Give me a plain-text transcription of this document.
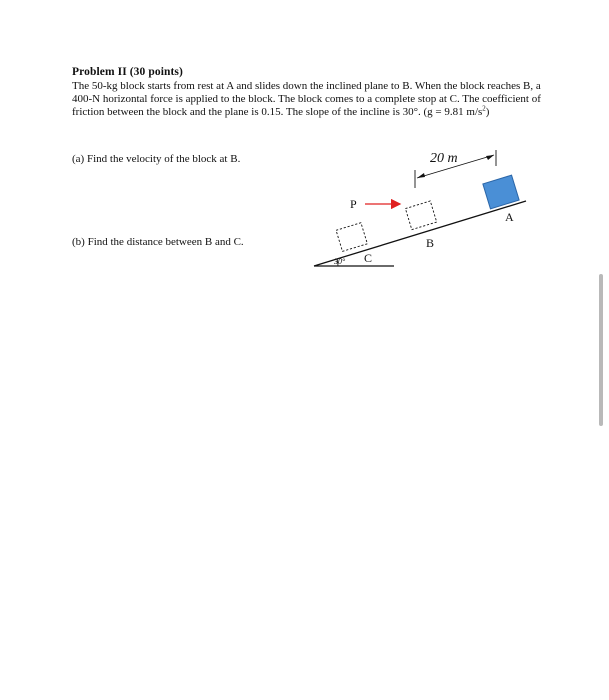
Problem II (30 points)
The 50-kg block starts from rest at A and slides down the inclined plane to B. When the block reaches B, a 400-N horizontal force is applied to the block. The block comes to a complete stop at C. The coefficient of friction between the block and the plane is 0.15. The slope of the incline is 30°. (g = 9.81 $m/s^2$)
(a) Find the velocity of the block at B.
(b) Find the distance between B and C.
30°
A
B
20 m
C
P
